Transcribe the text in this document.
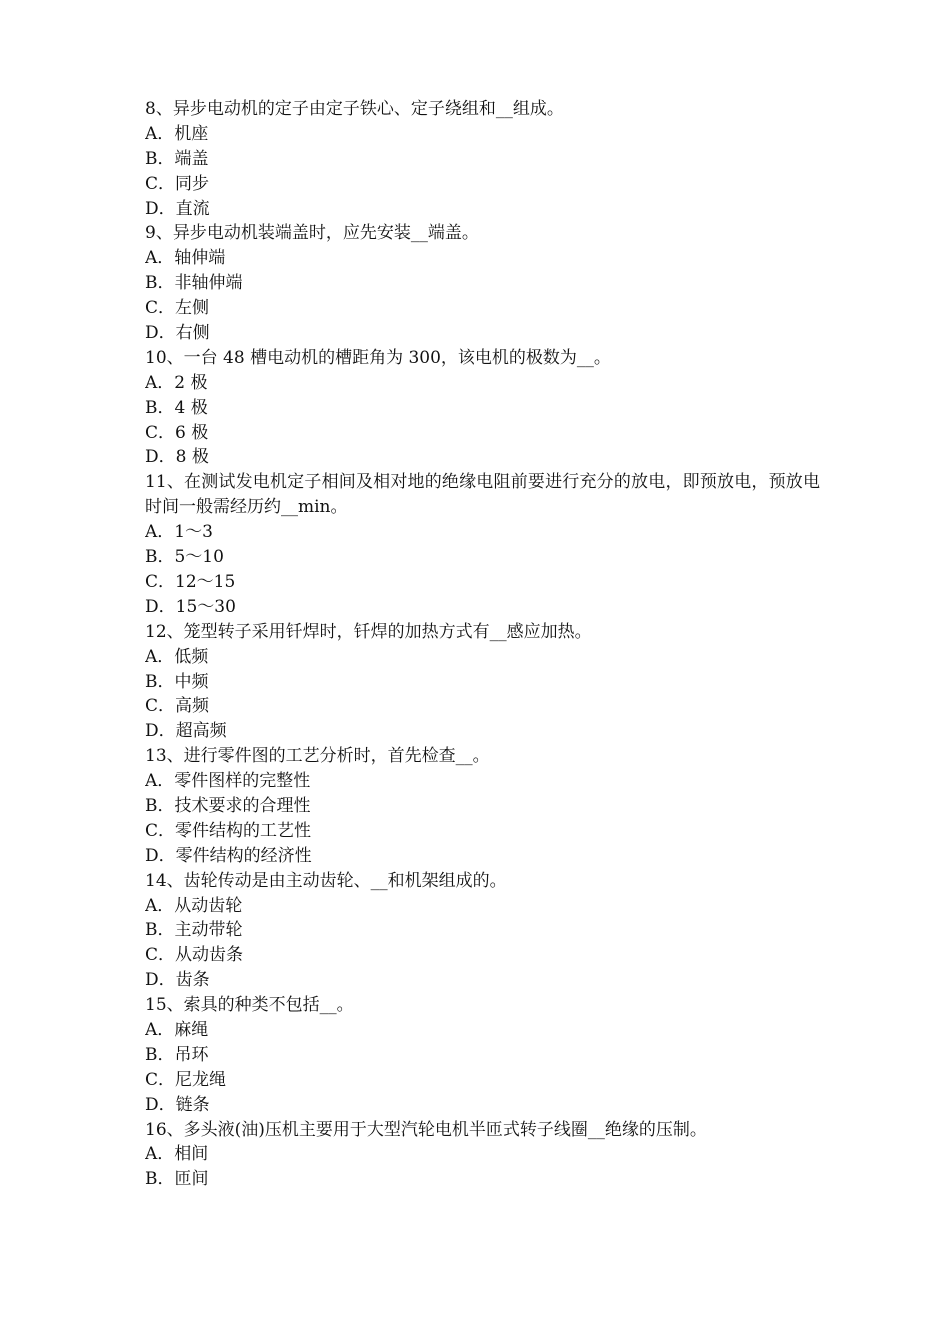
8、异步电动机的定子由定子铁心、定子绕组和__组成。
A．机座
B．端盖
C．同步
D．直流
9、异步电动机装端盖时，应先安装__端盖。
A．轴伸端
B．非轴伸端
C．左侧
D．右侧
10、一台 48 槽电动机的槽距角为 300，该电机的极数为__。
A．2 极
B．4 极
C．6 极
D．8 极
11、在测试发电机定子相间及相对地的绝缘电阻前要进行充分的放电，即预放电，预放电时间一般需经历约__min。
A．1～3
B．5～10
C．12～15
D．15～30
12、笼型转子采用钎焊时，钎焊的加热方式有__感应加热。
A．低频
B．中频
C．高频
D．超高频
13、进行零件图的工艺分析时，首先检查__。
A．零件图样的完整性
B．技术要求的合理性
C．零件结构的工艺性
D．零件结构的经济性
14、齿轮传动是由主动齿轮、__和机架组成的。
A．从动齿轮
B．主动带轮
C．从动齿条
D．齿条
15、索具的种类不包括__。
A．麻绳
B．吊环
C．尼龙绳
D．链条
16、多头液(油)压机主要用于大型汽轮电机半匝式转子线圈__绝缘的压制。
A．相间
B．匝间
